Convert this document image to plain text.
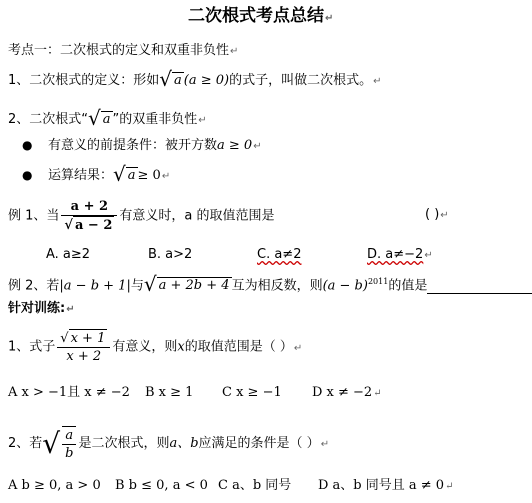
二次根式考点总结↵
考点一：二次根式的定义和双重非负性↵
1、二次根式的定义：形如√ a (a ≥ 0)的式子，叫做二次根式。↵
2、二次根式“√ a ”的双重非负性↵
● 有意义的前提条件：被开方数a ≥ 0↵
● 运算结果：√ a ≥ 0↵
例 1、当 $\frac{a + 2}{√ a - 2}$ 有意义时，a 的取值范围是	( )↵
A. a≥2	B. a>2	C. a≠2	D. a≠−2↵
例 2、若|a − b + 1|与√ a + 2b + 4 互为相反数，则$(a - b)^{2011}$的值是
针对训练:↵
1、式子 $\frac{√ x + 1}{x + 2}$ 有意义，则x的取值范围是（ ）↵
A x > −1且 x ≠ −2 B x ≥ 1 C x ≥ −1 D x ≠ −2↵
2、若√ $\frac{a}{b}$ 是二次根式，则a、b应满足的条件是（ ）↵
A b ≥ 0, a > 0 B b ≤ 0, a < 0 C a、b 同号 D a、b 同号且 a ≠ 0↵
